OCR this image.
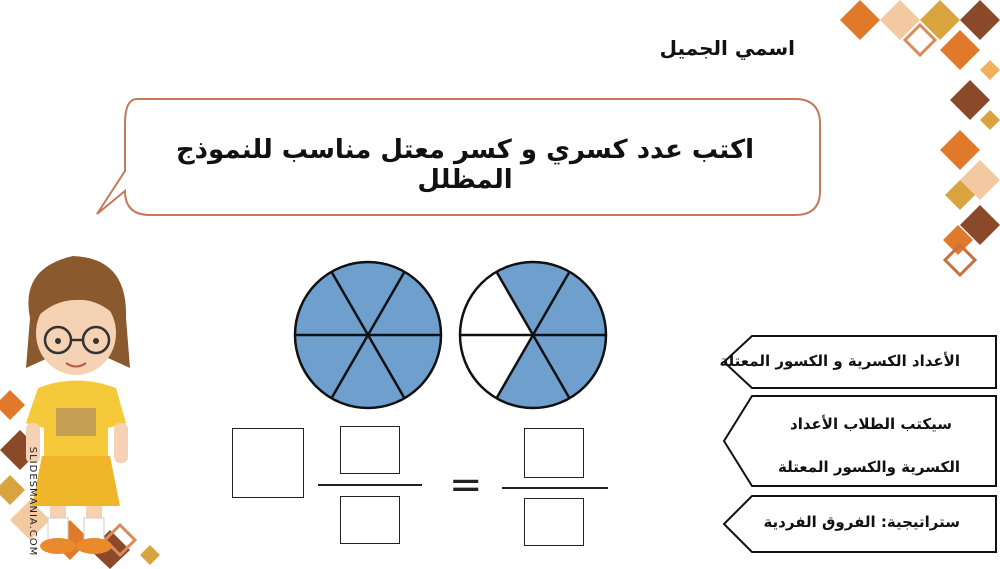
اسمي الجميل
اكتب عدد كسري و كسر معتل مناسب للنموذج المظلل
=
الأعداد الكسرية و الكسور المعتلة
سيكتب الطلاب الأعداد
الكسرية والكسور المعتلة
ستراتيجية: الفروق الفردية
SLIDESMANIA.COM
